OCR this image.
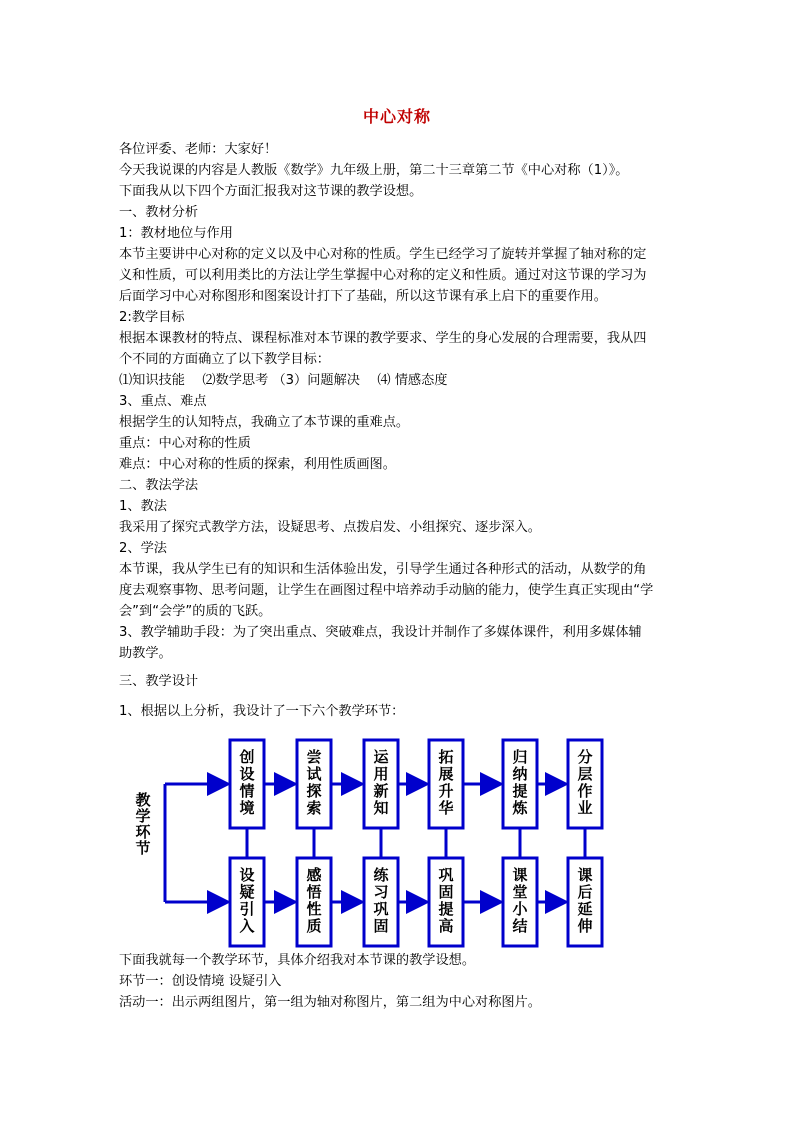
中心对称
各位评委、老师：大家好！
今天我说课的内容是人教版《数学》九年级上册，第二十三章第二节《中心对称（1）》。
下面我从以下四个方面汇报我对这节课的教学设想。
一、教材分析
1：教材地位与作用
本节主要讲中心对称的定义以及中心对称的性质。学生已经学习了旋转并掌握了轴对称的定
义和性质，可以利用类比的方法让学生掌握中心对称的定义和性质。通过对这节课的学习为
后面学习中心对称图形和图案设计打下了基础，所以这节课有承上启下的重要作用。
2:教学目标
根据本课教材的特点、课程标准对本节课的教学要求、学生的身心发展的合理需要，我从四
个不同的方面确立了以下教学目标：
⑴知识技能　 ⑵数学思考 （3）问题解决　 ⑷ 情感态度
3、重点、难点
根据学生的认知特点，我确立了本节课的重难点。
重点：中心对称的性质
难点：中心对称的性质的探索，利用性质画图。
二、教法学法
1、教法
我采用了探究式教学方法，设疑思考、点拨启发、小组探究、逐步深入。
2、学法
本节课，我从学生已有的知识和生活体验出发，引导学生通过各种形式的活动，从数学的角
度去观察事物、思考问题，让学生在画图过程中培养动手动脑的能力，使学生真正实现由“学
会”到“会学”的质的飞跃。
3、教学辅助手段：为了突出重点、突破难点，我设计并制作了多媒体课件，利用多媒体辅
助教学。
三、教学设计
1、根据以上分析，我设计了一下六个教学环节：
教
学
环
节
创
设
情
境
尝
试
探
索
运
用
新
知
拓
展
升
华
归
纳
提
炼
分
层
作
业
设
疑
引
入
感
悟
性
质
练
习
巩
固
巩
固
提
高
课
堂
小
结
课
后
延
伸
下面我就每一个教学环节，具体介绍我对本节课的教学设想。
环节一：创设情境 设疑引入
活动一：出示两组图片，第一组为轴对称图片，第二组为中心对称图片。
